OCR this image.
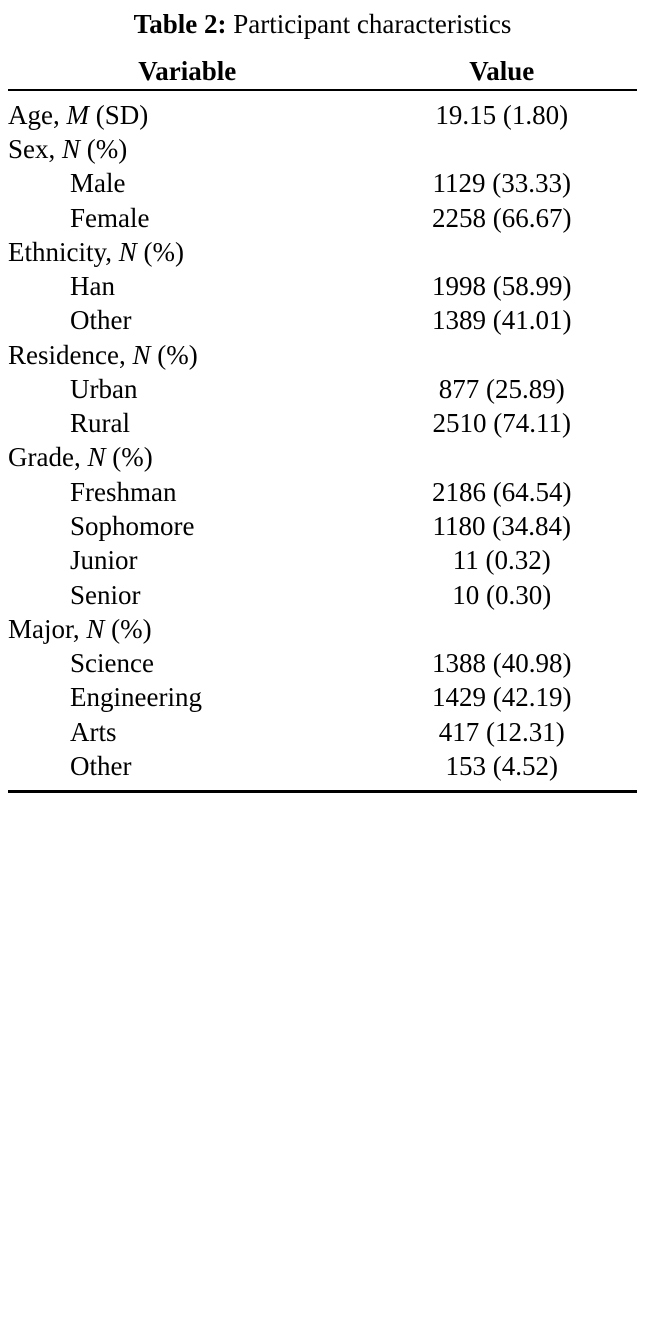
Table 2: Participant characteristics
Variable	Value

Age, M (SD)	19.15 (1.80)
Sex, N (%)	
Male	1129 (33.33)
Female	2258 (66.67)
Ethnicity, N (%)	
Han	1998 (58.99)
Other	1389 (41.01)
Residence, N (%)	
Urban	877 (25.89)
Rural	2510 (74.11)
Grade, N (%)	
Freshman	2186 (64.54)
Sophomore	1180 (34.84)
Junior	11 (0.32)
Senior	10 (0.30)
Major, N (%)	
Science	1388 (40.98)
Engineering	1429 (42.19)
Arts	417 (12.31)
Other	153 (4.52)
